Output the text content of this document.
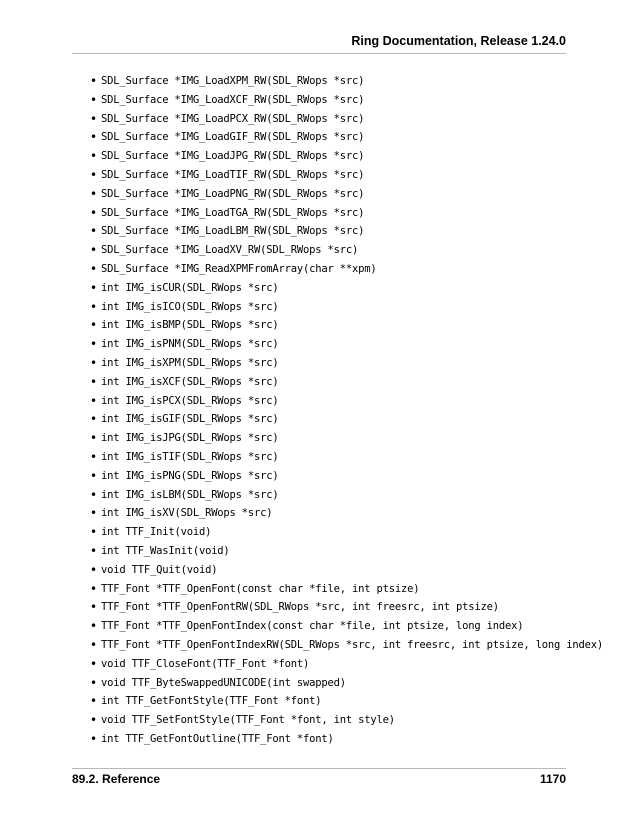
Ring Documentation, Release 1.24.0
• SDL_Surface *IMG_LoadXPM_RW(SDL_RWops *src)
• SDL_Surface *IMG_LoadXCF_RW(SDL_RWops *src)
• SDL_Surface *IMG_LoadPCX_RW(SDL_RWops *src)
• SDL_Surface *IMG_LoadGIF_RW(SDL_RWops *src)
• SDL_Surface *IMG_LoadJPG_RW(SDL_RWops *src)
• SDL_Surface *IMG_LoadTIF_RW(SDL_RWops *src)
• SDL_Surface *IMG_LoadPNG_RW(SDL_RWops *src)
• SDL_Surface *IMG_LoadTGA_RW(SDL_RWops *src)
• SDL_Surface *IMG_LoadLBM_RW(SDL_RWops *src)
• SDL_Surface *IMG_LoadXV_RW(SDL_RWops *src)
• SDL_Surface *IMG_ReadXPMFromArray(char **xpm)
• int IMG_isCUR(SDL_RWops *src)
• int IMG_isICO(SDL_RWops *src)
• int IMG_isBMP(SDL_RWops *src)
• int IMG_isPNM(SDL_RWops *src)
• int IMG_isXPM(SDL_RWops *src)
• int IMG_isXCF(SDL_RWops *src)
• int IMG_isPCX(SDL_RWops *src)
• int IMG_isGIF(SDL_RWops *src)
• int IMG_isJPG(SDL_RWops *src)
• int IMG_isTIF(SDL_RWops *src)
• int IMG_isPNG(SDL_RWops *src)
• int IMG_isLBM(SDL_RWops *src)
• int IMG_isXV(SDL_RWops *src)
• int TTF_Init(void)
• int TTF_WasInit(void)
• void TTF_Quit(void)
• TTF_Font *TTF_OpenFont(const char *file, int ptsize)
• TTF_Font *TTF_OpenFontRW(SDL_RWops *src, int freesrc, int ptsize)
• TTF_Font *TTF_OpenFontIndex(const char *file, int ptsize, long index)
• TTF_Font *TTF_OpenFontIndexRW(SDL_RWops *src, int freesrc, int ptsize, long index)
• void TTF_CloseFont(TTF_Font *font)
• void TTF_ByteSwappedUNICODE(int swapped)
• int TTF_GetFontStyle(TTF_Font *font)
• void TTF_SetFontStyle(TTF_Font *font, int style)
• int TTF_GetFontOutline(TTF_Font *font)
89.2. Reference	1170
